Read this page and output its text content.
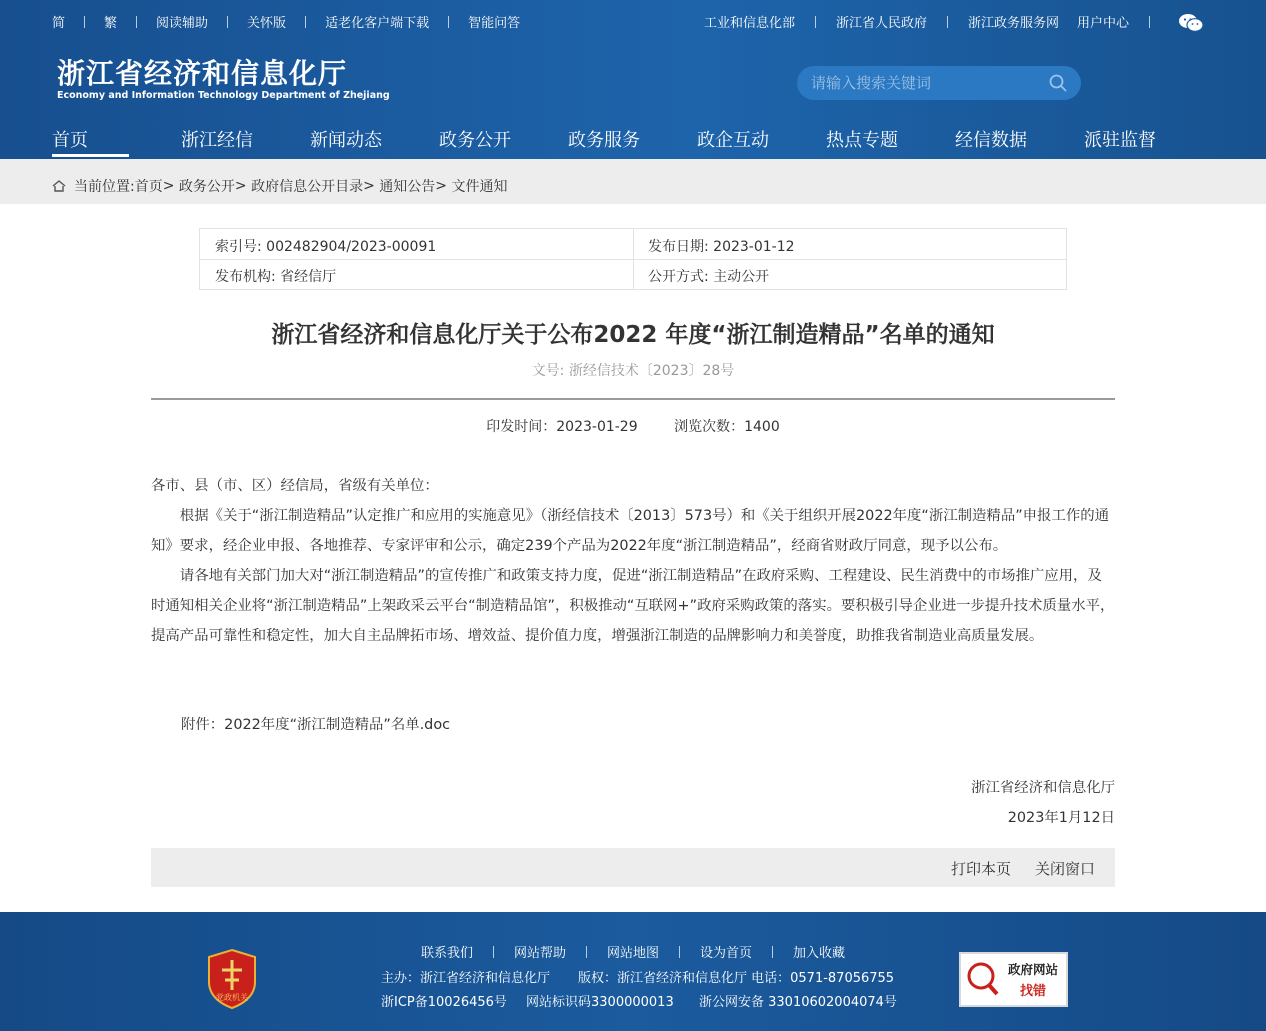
简	繁	阅读辅助	关怀版	适老化客户端下载	智能问答	工业和信息化部	浙江省人民政府	浙江政务服务网 用户中心
浙江省经济和信息化厅
Economy and Information Technology Department of Zhejiang
请输入搜索关键词
首页	浙江经信	新闻动态	政务公开	政务服务	政企互动	热点专题	经信数据	派驻监督
当前位置: 首页 > 政务公开 > 政府信息公开目录 > 通知公告 > 文件通知
索引号: 002482904/2023-00091	发布日期: 2023-01-12
发布机构: 省经信厅	公开方式: 主动公开
浙江省经济和信息化厅关于公布2022 年度“浙江制造精品”名单的通知
文号: 浙经信技术〔2023〕28号
印发时间：2023-01-29	浏览次数：1400

各市、县（市、区）经信局，省级有关单位：

根据《关于“浙江制造精品”认定推广和应用的实施意见》（浙经信技术〔2013〕573号）和《关于组织开展2022年度“浙江制造精品”申报工作的通知》要求，经企业申报、各地推荐、专家评审和公示，确定239个产品为2022年度“浙江制造精品”，经商省财政厅同意，现予以公布。

请各地有关部门加大对“浙江制造精品”的宣传推广和政策支持力度，促进“浙江制造精品”在政府采购、工程建设、民生消费中的市场推广应用，及时通知相关企业将“浙江制造精品”上架政采云平台“制造精品馆”，积极推动“互联网+”政府采购政策的落实。要积极引导企业进一步提升技术质量水平，提高产品可靠性和稳定性，加大自主品牌拓市场、增效益、提价值力度，增强浙江制造的品牌影响力和美誉度，助推我省制造业高质量发展。

附件：2022年度“浙江制造精品”名单.doc
浙江省经济和信息化厅
2023年1月12日
打印本页 关闭窗口
党政机关
联系我们	网站帮助	网站地图	设为首页	加入收藏
主办：浙江省经济和信息化厅 版权：浙江省经济和信息化厅 电话：0571-87056755
浙ICP备10026456号 网站标识码3300000013 浙公网安备 33010602004074号
政府网站
找错
